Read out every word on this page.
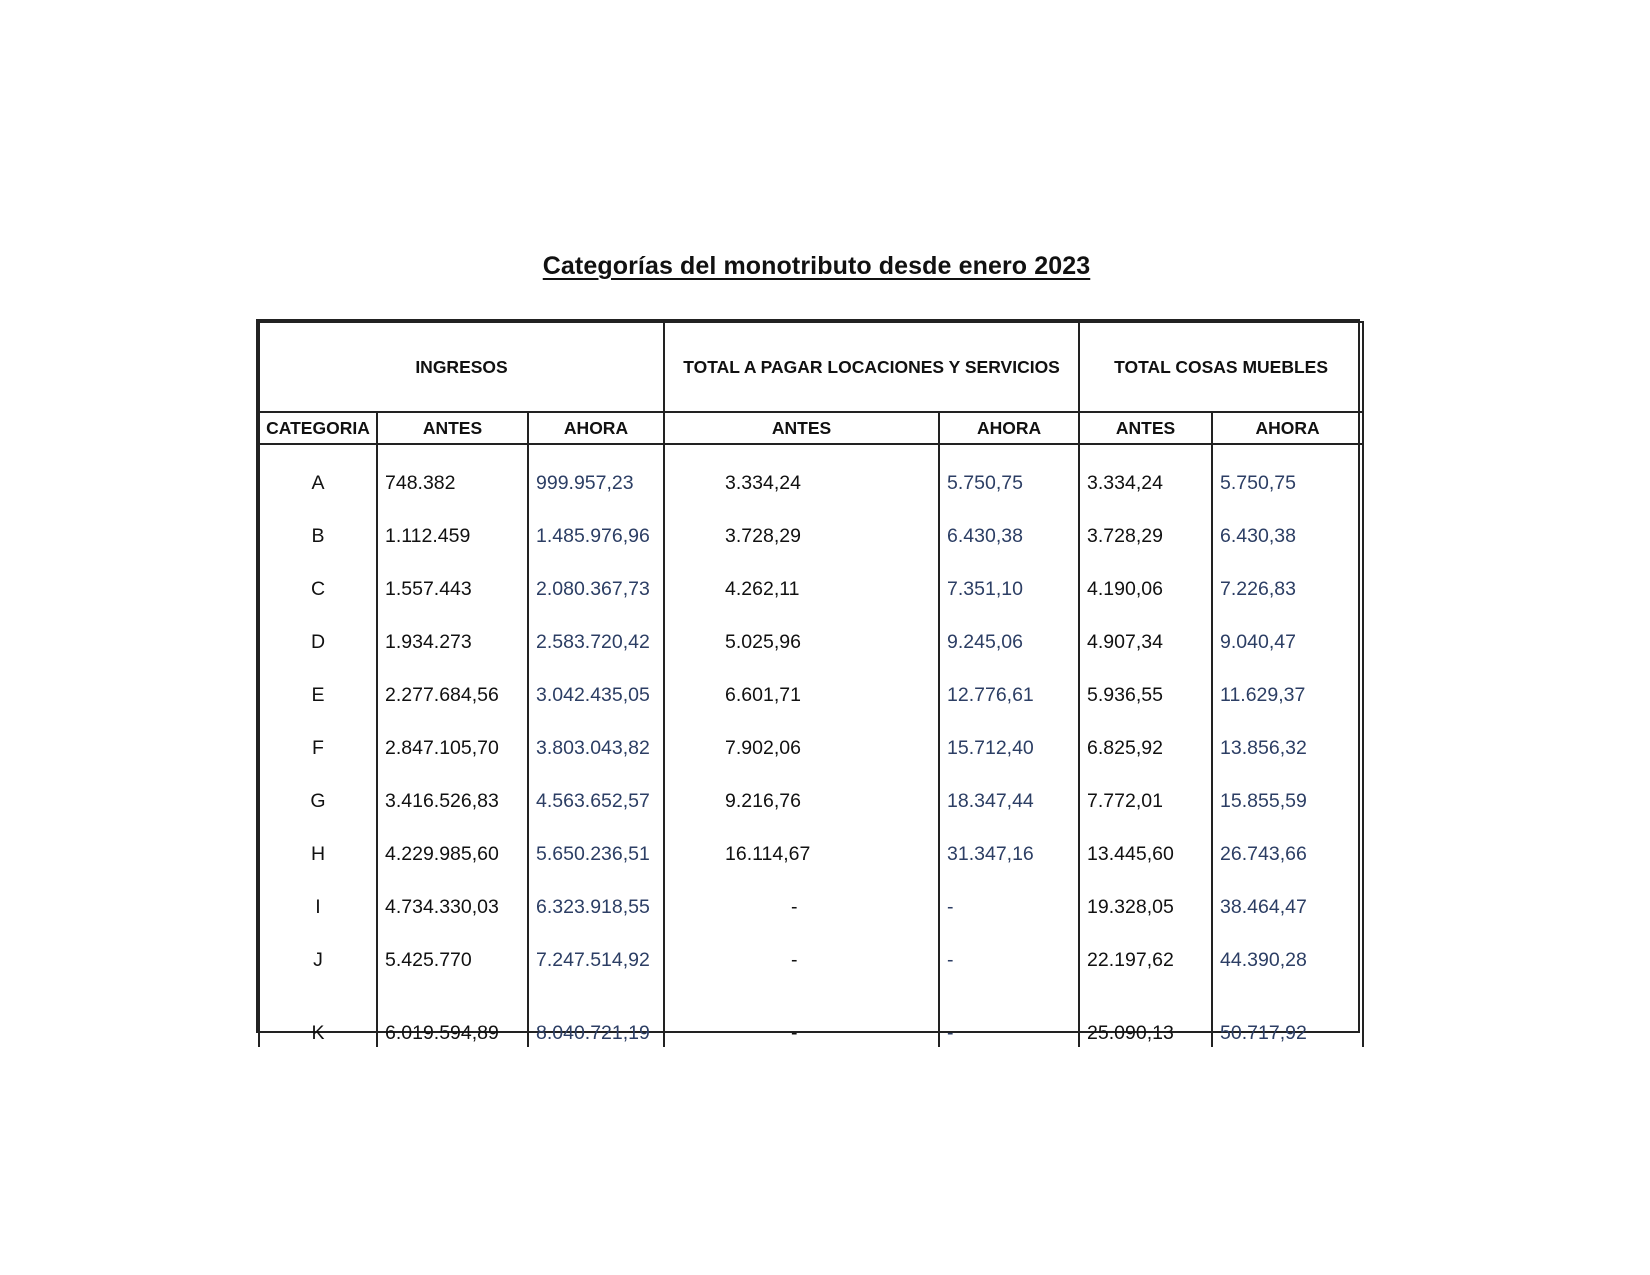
Categorías del monotributo desde enero 2023
INGRESOS			TOTAL A PAGAR LOCACIONES Y SERVICIOS		TOTAL COSAS MUEBLES	
CATEGORIA	ANTES	AHORA	ANTES	AHORA	ANTES	AHORA

A	748.382	999.957,23	3.334,24	5.750,75	3.334,24	5.750,75
B	1.112.459	1.485.976,96	3.728,29	6.430,38	3.728,29	6.430,38
C	1.557.443	2.080.367,73	4.262,11	7.351,10	4.190,06	7.226,83
D	1.934.273	2.583.720,42	5.025,96	9.245,06	4.907,34	9.040,47
E	2.277.684,56	3.042.435,05	6.601,71	12.776,61	5.936,55	11.629,37
F	2.847.105,70	3.803.043,82	7.902,06	15.712,40	6.825,92	13.856,32
G	3.416.526,83	4.563.652,57	9.216,76	18.347,44	7.772,01	15.855,59
H	4.229.985,60	5.650.236,51	16.114,67	31.347,16	13.445,60	26.743,66
I	4.734.330,03	6.323.918,55	-	-	19.328,05	38.464,47
J	5.425.770	7.247.514,92	-	-	22.197,62	44.390,28
K	6.019.594,89	8.040.721,19	-	-	25.090,13	50.717,92
